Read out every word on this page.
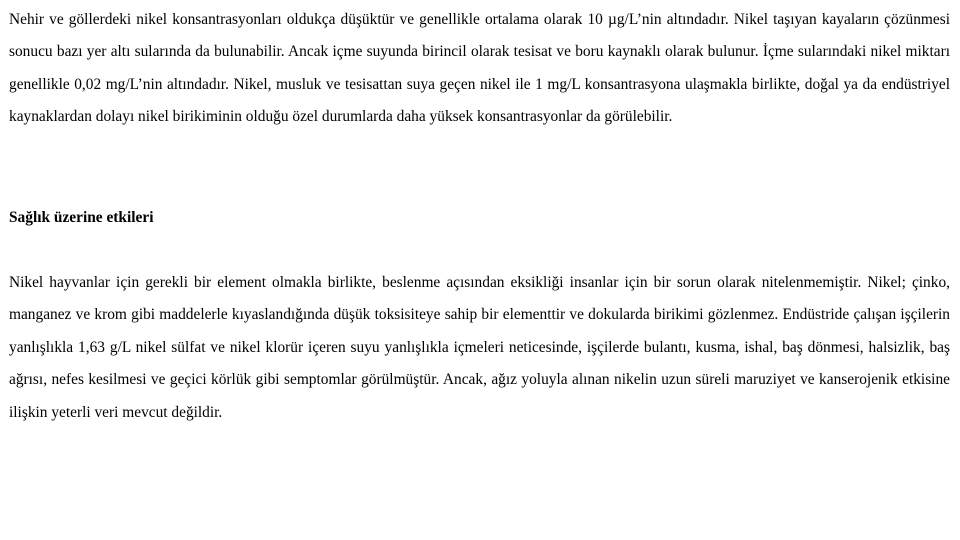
Nehir ve göllerdeki nikel konsantrasyonları oldukça düşüktür ve genellikle ortalama olarak 10 µg/L’nin altındadır. Nikel taşıyan kayaların çözünmesi sonucu bazı yer altı sularında da bulunabilir. Ancak içme suyunda birincil olarak tesisat ve boru kaynaklı olarak bulunur. İçme sularındaki nikel miktarı genellikle 0,02 mg/L’nin altındadır. Nikel, musluk ve tesisattan suya geçen nikel ile 1 mg/L konsantrasyona ulaşmakla birlikte, doğal ya da endüstriyel kaynaklardan dolayı nikel birikiminin olduğu özel durumlarda daha yüksek konsantrasyonlar da görülebilir.

Sağlık üzerine etkileri

Nikel hayvanlar için gerekli bir element olmakla birlikte, beslenme açısından eksikliği insanlar için bir sorun olarak nitelenmemiştir. Nikel; çinko, manganez ve krom gibi maddelerle kıyaslandığında düşük toksisiteye sahip bir elementtir ve dokularda birikimi gözlenmez. Endüstride çalışan işçilerin yanlışlıkla 1,63 g/L nikel sülfat ve nikel klorür içeren suyu yanlışlıkla içmeleri neticesinde, işçilerde bulantı, kusma, ishal, baş dönmesi, halsizlik, baş ağrısı, nefes kesilmesi ve geçici körlük gibi semptomlar görülmüştür. Ancak, ağız yoluyla alınan nikelin uzun süreli maruziyet ve kanserojenik etkisine ilişkin yeterli veri mevcut değildir.
